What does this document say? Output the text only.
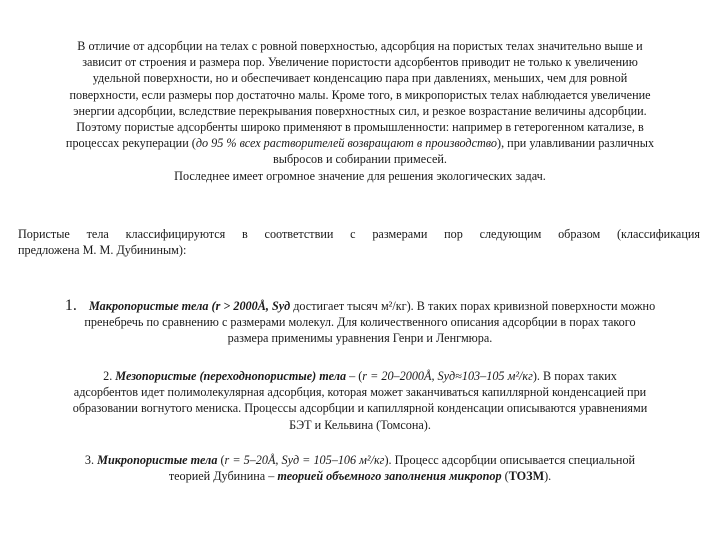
В отличие от адсорбции на телах с ровной поверхностью, адсорбция на пористых телах значительно выше и
зависит от строения и размера пор. Увеличение пористости адсорбентов приводит не только к увеличению
удельной поверхности, но и обеспечивает конденсацию пара при давлениях, меньших, чем для ровной
поверхности, если размеры пор достаточно малы. Кроме того, в микропористых телах наблюдается увеличение
энергии адсорбции, вследствие перекрывания поверхностных сил, и резкое возрастание величины адсорбции.
Поэтому пористые адсорбенты широко применяют в промышленности: например в гетерогенном катализе, в
процессах рекуперации (до 95 % всех растворителей возвращают в производство), при улавливании различных
выбросов и собирании примесей.
Последнее имеет огромное значение для решения экологических задач.
Пористые тела классифицируются в соответствии с размерами пор следующим образом (классификация
предложена М. М. Дубининым):
1. Макропористые тела (r > 2000Å, Sуд достигает тысяч м²/кг). В таких порах кривизной поверхности можно
пренебречь по сравнению с размерами молекул. Для количественного описания адсорбции в порах такого
размера применимы уравнения Генри и Ленгмюра.
2. Мезопористые (переходнопористые) тела – (r = 20–2000Å, Sуд≈103–105 м²/кг). В порах таких
адсорбентов идет полимолекулярная адсорбция, которая может заканчиваться капиллярной конденсацией при
образовании вогнутого мениска. Процессы адсорбции и капиллярной конденсации описываются уравнениями
БЭТ и Кельвина (Томсона).
3. Микропористые тела (r = 5–20Å, Sуд = 105–106 м²/кг). Процесс адсорбции описывается специальной
теорией Дубинина – теорией объемного заполнения микропор (ТОЗМ).
